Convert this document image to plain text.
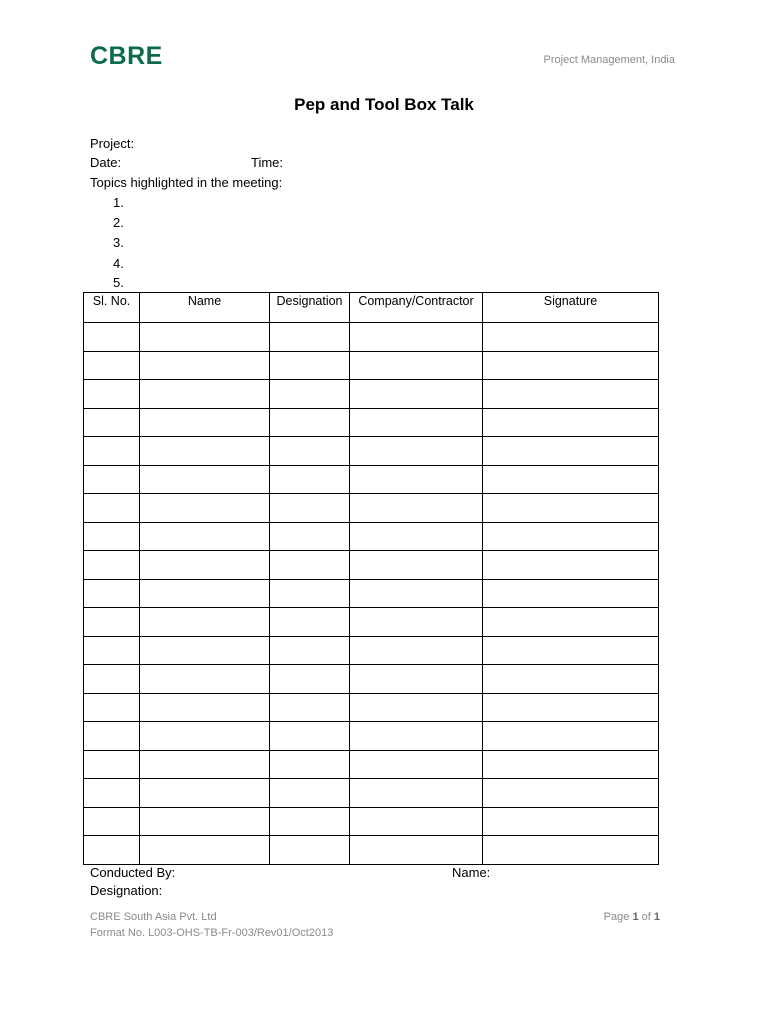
CBRE	Project Management, India
Pep and Tool Box Talk
Project:
Date:	Time:
Topics highlighted in the meeting:
1.
2.
3.
4.
5.
Sl. No.	Name	Designation	Company/Contractor	Signature

Conducted By:	Name:
Designation:
CBRE South Asia Pvt. Ltd
Format No. L003-OHS-TB-Fr-003/Rev01/Oct2013
Page 1 of 1
